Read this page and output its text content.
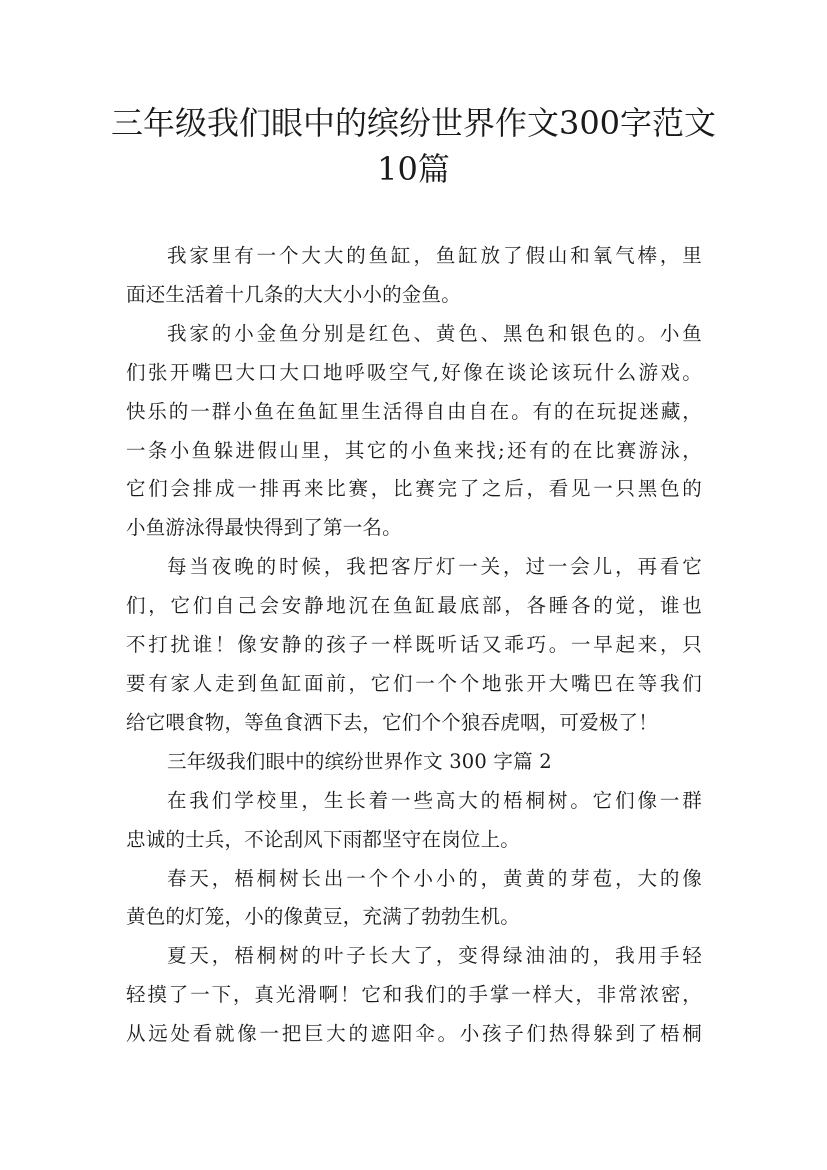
三年级我们眼中的缤纷世界作文300字范文
10篇
我家里有一个大大的鱼缸，鱼缸放了假山和氧气棒，里
面还生活着十几条的大大小小的金鱼。
我家的小金鱼分别是红色、黄色、黑色和银色的。小鱼
们张开嘴巴大口大口地呼吸空气,好像在谈论该玩什么游戏。
快乐的一群小鱼在鱼缸里生活得自由自在。有的在玩捉迷藏，
一条小鱼躲进假山里，其它的小鱼来找;还有的在比赛游泳，
它们会排成一排再来比赛，比赛完了之后，看见一只黑色的
小鱼游泳得最快得到了第一名。
每当夜晚的时候，我把客厅灯一关，过一会儿，再看它
们，它们自己会安静地沉在鱼缸最底部，各睡各的觉，谁也
不打扰谁！像安静的孩子一样既听话又乖巧。一早起来，只
要有家人走到鱼缸面前，它们一个个地张开大嘴巴在等我们
给它喂食物，等鱼食洒下去，它们个个狼吞虎咽，可爱极了！
三年级我们眼中的缤纷世界作文 300 字篇 2
在我们学校里，生长着一些高大的梧桐树。它们像一群
忠诚的士兵，不论刮风下雨都坚守在岗位上。
春天，梧桐树长出一个个小小的，黄黄的芽苞，大的像
黄色的灯笼，小的像黄豆，充满了勃勃生机。
夏天，梧桐树的叶子长大了，变得绿油油的，我用手轻
轻摸了一下，真光滑啊！它和我们的手掌一样大，非常浓密，
从远处看就像一把巨大的遮阳伞。小孩子们热得躲到了梧桐
